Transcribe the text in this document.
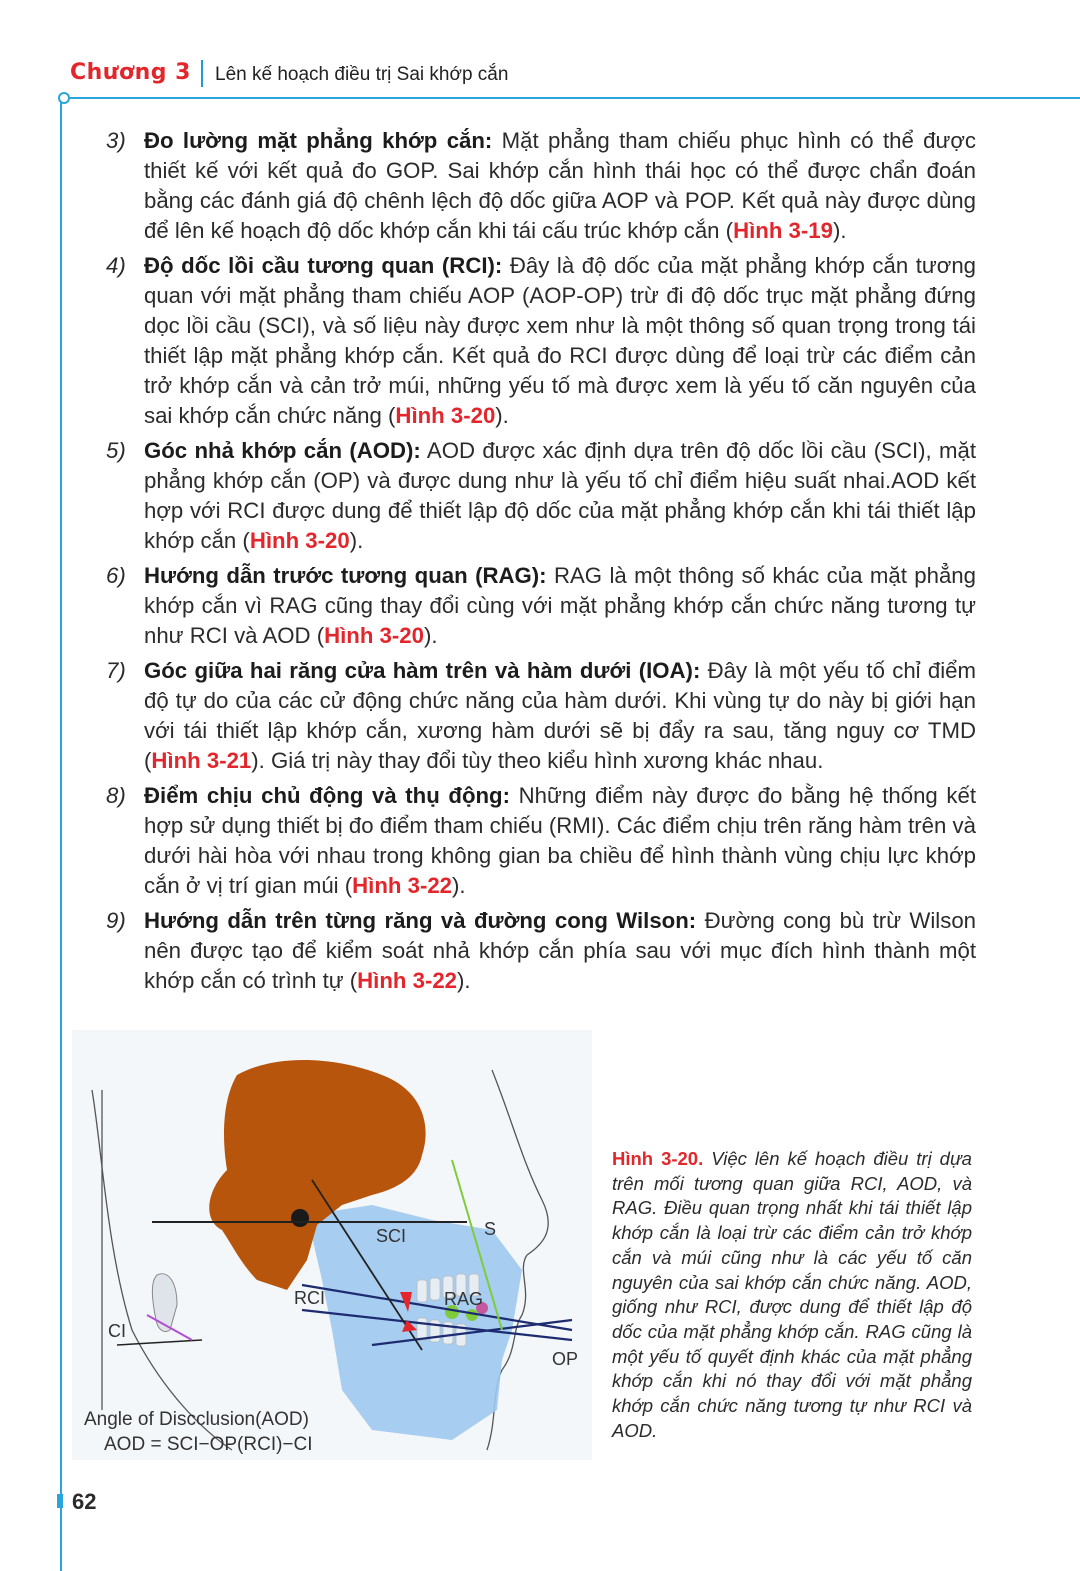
Chương 3 Lên kế hoạch điều trị Sai khớp cắn
3) Đo lường mặt phẳng khớp cắn: Mặt phẳng tham chiếu phục hình có thể được thiết kế với kết quả đo GOP. Sai khớp cắn hình thái học có thể được chẩn đoán bằng các đánh giá độ chênh lệch độ dốc giữa AOP và POP. Kết quả này được dùng để lên kế hoạch độ dốc khớp cắn khi tái cấu trúc khớp cắn (Hình 3-19).
4) Độ dốc lồi cầu tương quan (RCI): Đây là độ dốc của mặt phẳng khớp cắn tương quan với mặt phẳng tham chiếu AOP (AOP-OP) trừ đi độ dốc trục mặt phẳng đứng dọc lồi cầu (SCI), và số liệu này được xem như là một thông số quan trọng trong tái thiết lập mặt phẳng khớp cắn. Kết quả đo RCI được dùng để loại trừ các điểm cản trở khớp cắn và cản trở múi, những yếu tố mà được xem là yếu tố căn nguyên của sai khớp cắn chức năng (Hình 3-20).
5) Góc nhả khớp cắn (AOD): AOD được xác định dựa trên độ dốc lồi cầu (SCI), mặt phẳng khớp cắn (OP) và được dung như là yếu tố chỉ điểm hiệu suất nhai.AOD kết hợp với RCI được dung để thiết lập độ dốc của mặt phẳng khớp cắn khi tái thiết lập khớp cắn (Hình 3-20).
6) Hướng dẫn trước tương quan (RAG): RAG là một thông số khác của mặt phẳng khớp cắn vì RAG cũng thay đổi cùng với mặt phẳng khớp cắn chức năng tương tự như RCI và AOD (Hình 3-20).
7) Góc giữa hai răng cửa hàm trên và hàm dưới (IOA): Đây là một yếu tố chỉ điểm độ tự do của các cử động chức năng của hàm dưới. Khi vùng tự do này bị giới hạn với tái thiết lập khớp cắn, xương hàm dưới sẽ bị đẩy ra sau, tăng nguy cơ TMD (Hình 3-21). Giá trị này thay đổi tùy theo kiểu hình xương khác nhau.
8) Điểm chịu chủ động và thụ động: Những điểm này được đo bằng hệ thống kết hợp sử dụng thiết bị đo điểm tham chiếu (RMI). Các điểm chịu trên răng hàm trên và dưới hài hòa với nhau trong không gian ba chiều để hình thành vùng chịu lực khớp cắn ở vị trí gian múi (Hình 3-22).
9) Hướng dẫn trên từng răng và đường cong Wilson: Đường cong bù trừ Wilson nên được tạo để kiểm soát nhả khớp cắn phía sau với mục đích hình thành một khớp cắn có trình tự (Hình 3-22).
SCI	S
RCI	RAG
CI
OP
Angle of Discclusion(AOD)
AOD = SCI−OP(RCI)−CI
Hình 3-20. Việc lên kế hoạch điều trị dựa trên mối tương quan giữa RCI, AOD, và RAG. Điều quan trọng nhất khi tái thiết lập khớp cắn là loại trừ các điểm cản trở khớp cắn và múi cũng như là các yếu tố căn nguyên của sai khớp cắn chức năng. AOD, giống như RCI, được dung để thiết lập độ dốc của mặt phẳng khớp cắn. RAG cũng là một yếu tố quyết định khác của mặt phẳng khớp cắn khi nó thay đổi với mặt phẳng khớp cắn chức năng tương tự như RCI và AOD.
62
